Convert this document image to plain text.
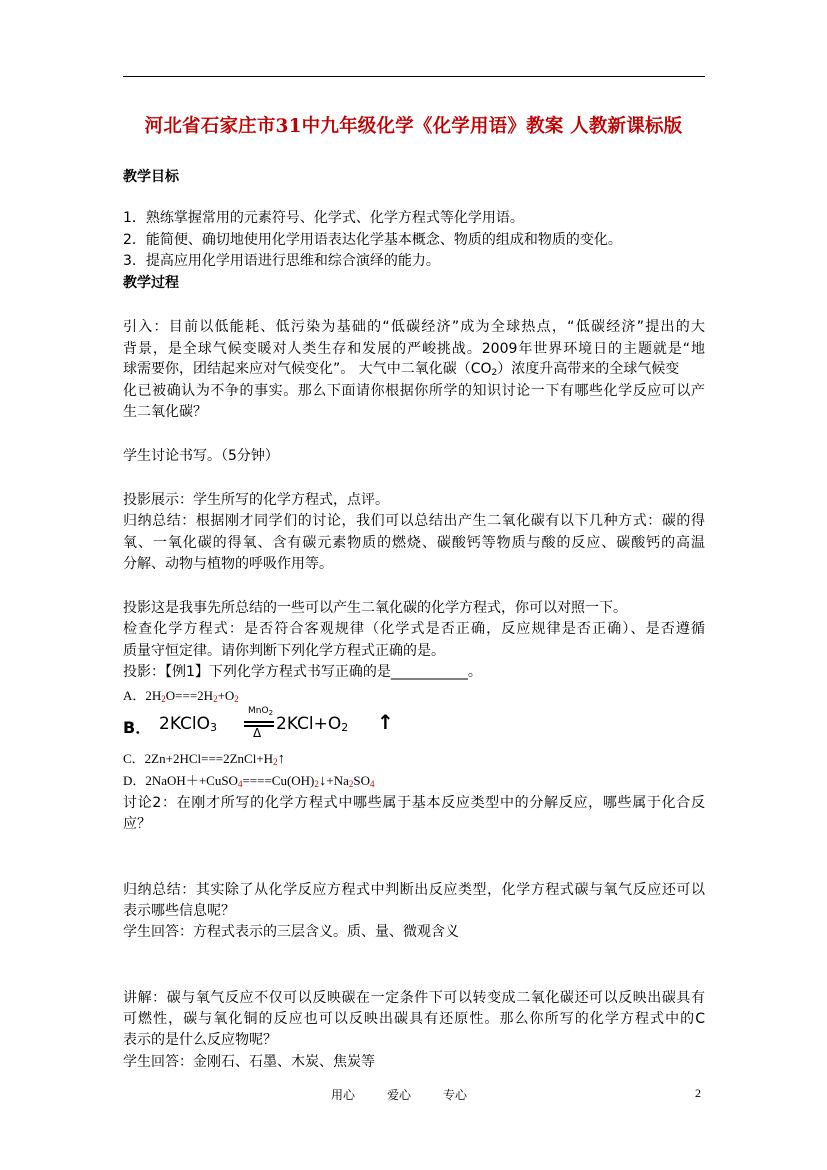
河北省石家庄市31中九年级化学《化学用语》教案 人教新课标版
教学目标
1．熟练掌握常用的元素符号、化学式、化学方程式等化学用语。
2．能简便、确切地使用化学用语表达化学基本概念、物质的组成和物质的变化。
3．提高应用化学用语进行思维和综合演绎的能力。
教学过程
引入：目前以低能耗、低污染为基础的“低碳经济”成为全球热点，“低碳经济”提出的大
背景，是全球气候变暖对人类生存和发展的严峻挑战。2009年世界环境日的主题就是“地
球需要你，团结起来应对气候变化”。 大气中二氧化碳$(CO_2)$浓度升高带来的全球气候变
化已被确认为不争的事实。那么下面请你根据你所学的知识讨论一下有哪些化学反应可以产
生二氧化碳？
学生讨论书写。（5分钟）
投影展示：学生所写的化学方程式，点评。
归纳总结：根据刚才同学们的讨论，我们可以总结出产生二氧化碳有以下几种方式：碳的得
氧、一氧化碳的得氧、含有碳元素物质的燃烧、碳酸钙等物质与酸的反应、碳酸钙的高温
分解、动物与植物的呼吸作用等。
投影这是我事先所总结的一些可以产生二氧化碳的化学方程式，你可以对照一下。
检查化学方程式：是否符合客观规律（化学式是否正确，反应规律是否正确）、是否遵循
质量守恒定律。请你判断下列化学方程式正确的是。
投影：【例1】下列化学方程式书写正确的是___________。
A．$2H_2O===2H_2+O_2$
B． 2KClO$_3$
MnO$_2$
Δ $2KCl+O_2$ ↑
C．$2Zn+2HCl===2ZnCl+H_2↑$
D．$2NaOH++CuSO_4====Cu(OH)_2↓+Na_2SO_4$
讨论2：在刚才所写的化学方程式中哪些属于基本反应类型中的分解反应，哪些属于化合反
应？
归纳总结：其实除了从化学反应方程式中判断出反应类型，化学方程式碳与氧气反应还可以
表示哪些信息呢？
学生回答：方程式表示的三层含义。质、量、微观含义
讲解：碳与氧气反应不仅可以反映碳在一定条件下可以转变成二氧化碳还可以反映出碳具有
可燃性，碳与氧化铜的反应也可以反映出碳具有还原性。那么你所写的化学方程式中的C
表示的是什么反应物呢？
学生回答：金刚石、石墨、木炭、焦炭等
用心	爱心	专心	2
